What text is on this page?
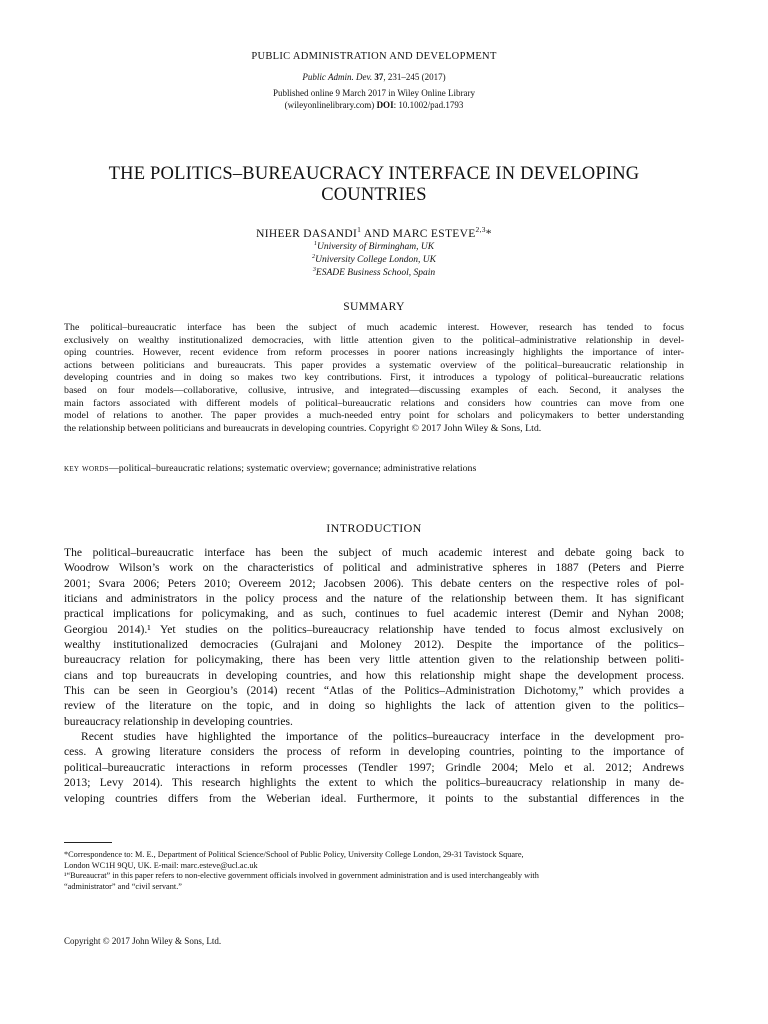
PUBLIC ADMINISTRATION AND DEVELOPMENT
Public Admin. Dev. 37, 231–245 (2017)
Published online 9 March 2017 in Wiley Online Library
(wileyonlinelibrary.com) DOI: 10.1002/pad.1793
THE POLITICS–BUREAUCRACY INTERFACE IN DEVELOPING
COUNTRIES
NIHEER DASANDI$^1$ AND MARC ESTEVE$^{2,3}$*
$^1$University of Birmingham, UK
$^2$University College London, UK
$^3$ESADE Business School, Spain
SUMMARY
The political–bureaucratic interface has been the subject of much academic interest. However, research has tended to focus
exclusively on wealthy institutionalized democracies, with little attention given to the political–administrative relationship in devel-
oping countries. However, recent evidence from reform processes in poorer nations increasingly highlights the importance of inter-
actions between politicians and bureaucrats. This paper provides a systematic overview of the political–bureaucratic relationship in
developing countries and in doing so makes two key contributions. First, it introduces a typology of political–bureaucratic relations
based on four models—collaborative, collusive, intrusive, and integrated—discussing examples of each. Second, it analyses the
main factors associated with different models of political–bureaucratic relations and considers how countries can move from one
model of relations to another. The paper provides a much-needed entry point for scholars and policymakers to better understanding
the relationship between politicians and bureaucrats in developing countries. Copyright © 2017 John Wiley & Sons, Ltd.
key words—political–bureaucratic relations; systematic overview; governance; administrative relations
INTRODUCTION
The political–bureaucratic interface has been the subject of much academic interest and debate going back to
Woodrow Wilson’s work on the characteristics of political and administrative spheres in 1887 (Peters and Pierre
2001; Svara 2006; Peters 2010; Overeem 2012; Jacobsen 2006). This debate centers on the respective roles of pol-
iticians and administrators in the policy process and the nature of the relationship between them. It has significant
practical implications for policymaking, and as such, continues to fuel academic interest (Demir and Nyhan 2008;
Georgiou 2014).¹ Yet studies on the politics–bureaucracy relationship have tended to focus almost exclusively on
wealthy institutionalized democracies (Gulrajani and Moloney 2012). Despite the importance of the politics–
bureaucracy relation for policymaking, there has been very little attention given to the relationship between politi-
cians and top bureaucrats in developing countries, and how this relationship might shape the development process.
This can be seen in Georgiou’s (2014) recent “Atlas of the Politics–Administration Dichotomy,” which provides a
review of the literature on the topic, and in doing so highlights the lack of attention given to the politics–
bureaucracy relationship in developing countries.
Recent studies have highlighted the importance of the politics–bureaucracy interface in the development pro-
cess. A growing literature considers the process of reform in developing countries, pointing to the importance of
political–bureaucratic interactions in reform processes (Tendler 1997; Grindle 2004; Melo et al. 2012; Andrews
2013; Levy 2014). This research highlights the extent to which the politics–bureaucracy relationship in many de-
veloping countries differs from the Weberian ideal. Furthermore, it points to the substantial differences in the
*Correspondence to: M. E., Department of Political Science/School of Public Policy, University College London, 29-31 Tavistock Square,
London WC1H 9QU, UK. E-mail: marc.esteve@ucl.ac.uk
¹“Bureaucrat” in this paper refers to non-elective government officials involved in government administration and is used interchangeably with
“administrator” and “civil servant.”
Copyright © 2017 John Wiley & Sons, Ltd.
